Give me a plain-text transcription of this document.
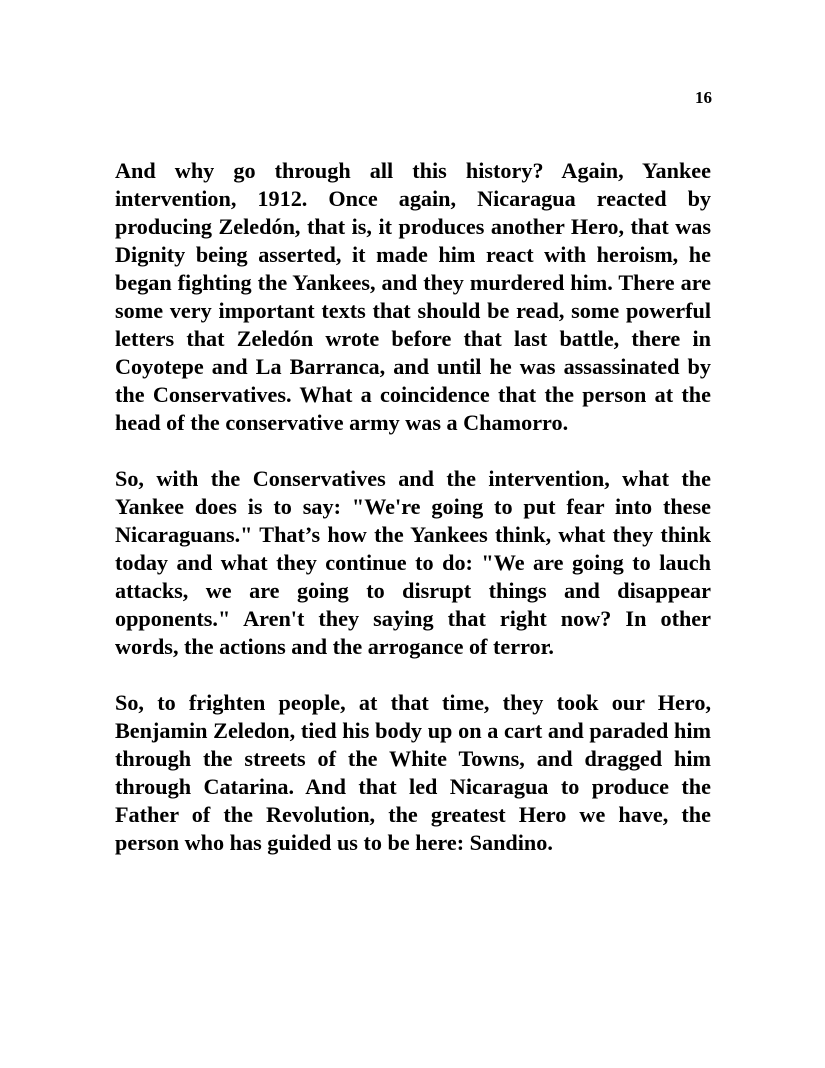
16

And why go through all this history? Again, Yankee intervention, 1912. Once again, Nicaragua reacted by producing Zeledón, that is, it produces another Hero, that was  Dignity being asserted, it made him react with heroism, he began fighting the Yankees, and they murdered him. There are some very important texts that should be read, some powerful letters that Zeledón wrote before that last battle, there in Coyotepe and La Barranca, and until he was assassinated by the Conservatives. What a coincidence that the person at the head of the conservative army was a Chamorro.

So, with the Conservatives and the intervention, what the Yankee does is to say: "We're going to put fear into these Nicaraguans." That’s how the Yankees think, what they think today and what they continue to do: "We are going to lauch attacks, we are going to disrupt things and disappear opponents." Aren't they saying that right now? In other words, the actions and the arrogance of terror.

So, to frighten people, at that time, they took our Hero, Benjamin Zeledon, tied his body up on a cart and paraded him through the streets of the White Towns, and dragged him through Catarina. And that led Nicaragua to produce the Father of the Revolution, the greatest Hero we have, the person who has guided us to be here: Sandino.
